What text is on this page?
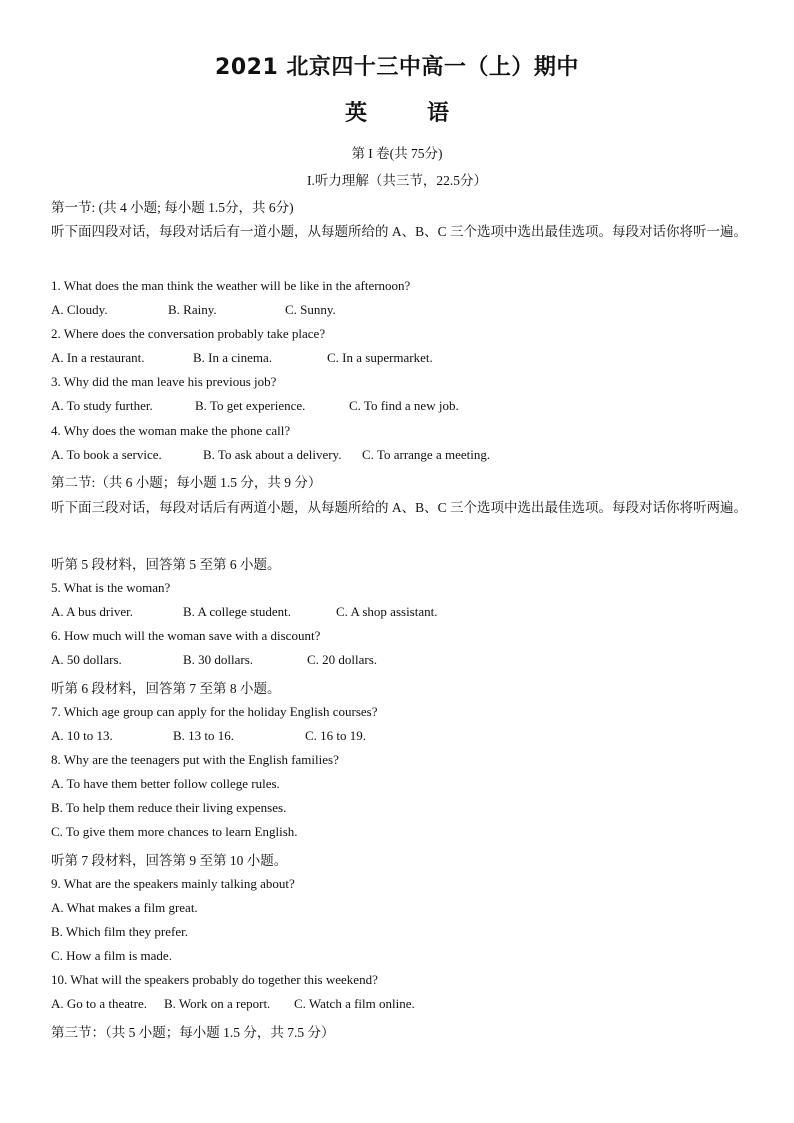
2021 北京四十三中高一（上）期中
英	语
第 I 卷(共 75分)
I.听力理解（共三节，22.5分）
第一节: (共 4 小题; 每小题 1.5分，共 6分)
听下面四段对话，每段对话后有一道小题，从每题所给的 A、B、C 三个选项中选出最佳选项。每段对话你将听一遍。
1. What does the man think the weather will be like in the afternoon?
A. Cloudy.	B. Rainy.	C. Sunny.
2. Where does the conversation probably take place?
A. In a restaurant.	B. In a cinema.	C. In a supermarket.
3. Why did the man leave his previous job?
A. To study further.	B. To get experience.	C. To find a new job.
4. Why does the woman make the phone call?
A. To book a service.	B. To ask about a delivery. C. To arrange a meeting.
第二节:（共 6 小题；每小题 1.5 分，共 9 分）
听下面三段对话，每段对话后有两道小题，从每题所给的 A、B、C 三个选项中选出最佳选项。每段对话你将听两遍。
听第 5 段材料，回答第 5 至第 6 小题。
5. What is the woman?
A. A bus driver.	B. A college student.	C. A shop assistant.
6. How much will the woman save with a discount?
A. 50 dollars.	B. 30 dollars.	C. 20 dollars.
听第 6 段材料，回答第 7 至第 8 小题。
7. Which age group can apply for the holiday English courses?
A. 10 to 13.	B. 13 to 16.	C. 16 to 19.
8. Why are the teenagers put with the English families?
A. To have them better follow college rules.
B. To help them reduce their living expenses.
C. To give them more chances to learn English.
听第 7 段材料，回答第 9 至第 10 小题。
9. What are the speakers mainly talking about?
A. What makes a film great.
B. Which film they prefer.
C. How a film is made.
10. What will the speakers probably do together this weekend?
A. Go to a theatre. B. Work on a report. C. Watch a film online.
第三节：（共 5 小题；每小题 1.5 分，共 7.5 分）
